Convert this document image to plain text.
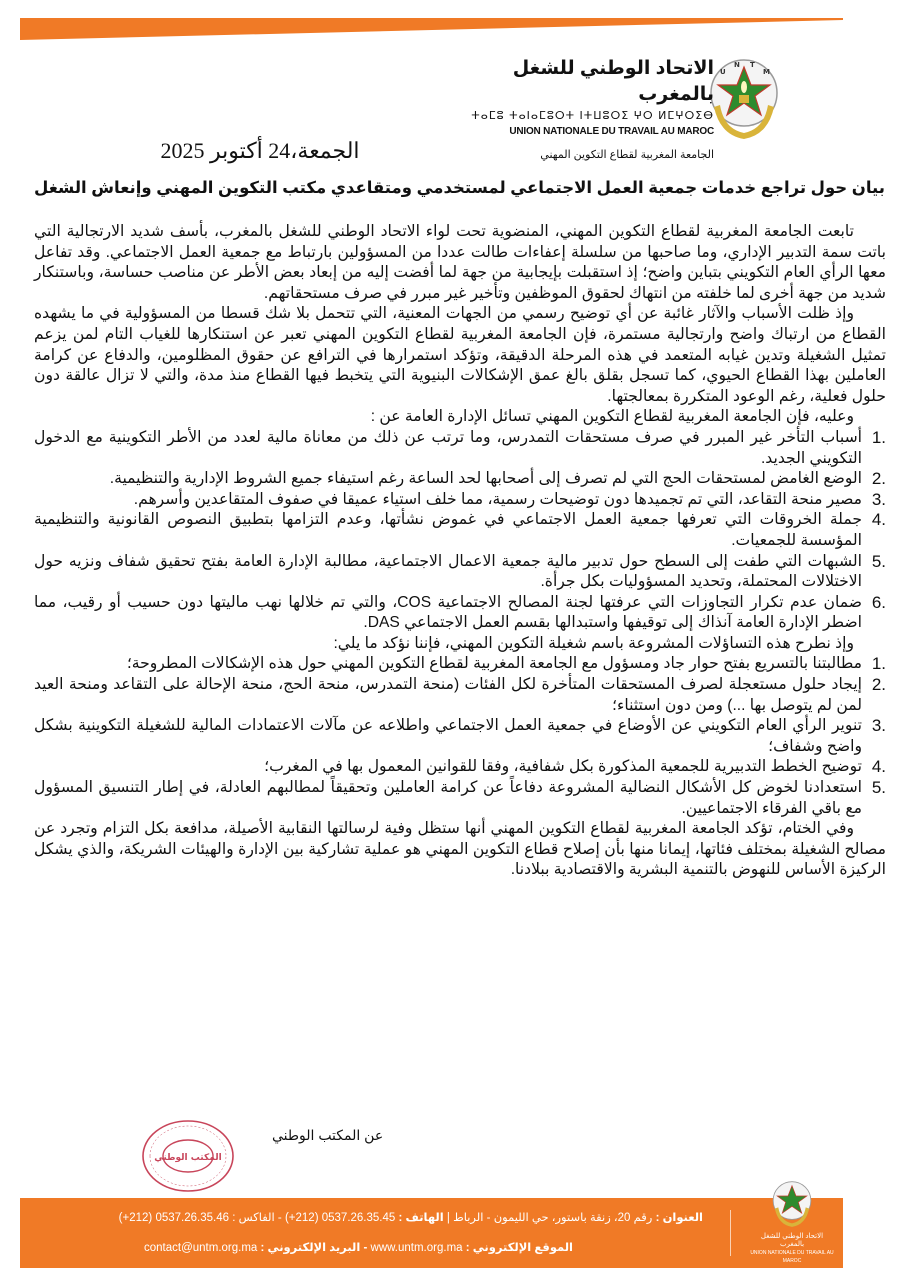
U
N T
M
الاتحاد الوطني للشغل بالمغرب
ⵜⴰⵎⵓ ⵜⴰⵏⴰⵎⵓⵔⵜ ⵏⵜⵡⵓⵔⵉ ⵖⵔ ⵍⵎⵖⵔⵉⴱ
UNION NATIONALE DU TRAVAIL AU MAROC
الجامعة المغربية لقطاع التكوين المهني
الجمعة،24 أكتوبر 2025
بيان حول تراجع خدمات جمعية العمل الاجتماعي لمستخدمي ومتقاعدي مكتب التكوين المهني وإنعاش الشغل

تابعت الجامعة المغربية لقطاع التكوين المهني، المنضوية تحت لواء الاتحاد الوطني للشغل بالمغرب، بأسف شديد الارتجالية التي باتت سمة التدبير الإداري، وما صاحبها من سلسلة إعفاءات طالت عددا من المسؤولين بارتباط مع جمعية العمل الاجتماعي. وقد تفاعل معها الرأي العام التكويني بتباين واضح؛ إذ استقبلت بإيجابية من جهة لما أفضت إليه من إبعاد بعض الأطر عن مناصب حساسة، وباستنكار شديد من جهة أخرى لما خلفته من انتهاك لحقوق الموظفين وتأخير غير مبرر في صرف مستحقاتهم.

وإذ ظلت الأسباب والآثار غائبة عن أي توضيح رسمي من الجهات المعنية، التي تتحمل بلا شك قسطا من المسؤولية في ما يشهده القطاع من ارتباك واضح وارتجالية مستمرة، فإن الجامعة المغربية لقطاع التكوين المهني تعبر عن استنكارها للغياب التام لمن يزعم تمثيل الشغيلة وتدين غيابه المتعمد في هذه المرحلة الدقيقة، وتؤكد استمرارها في الترافع عن حقوق المظلومين، والدفاع عن كرامة العاملين بهذا القطاع الحيوي، كما تسجل بقلق بالغ عمق الإشكالات البنيوية التي يتخبط فيها القطاع منذ مدة، والتي لا تزال عالقة دون حلول فعلية، رغم الوعود المتكررة بمعالجتها.

وعليه، فإن الجامعة المغربية لقطاع التكوين المهني تسائل الإدارة العامة عن :

1.
أسباب التأخر غير المبرر في صرف مستحقات التمدرس، وما ترتب عن ذلك من معاناة مالية لعدد من الأطر التكوينية مع الدخول التكويني الجديد.
2.
الوضع الغامض لمستحقات الحج التي لم تصرف إلى أصحابها لحد الساعة رغم استيفاء جميع الشروط الإدارية والتنظيمية.
3.
مصير منحة التقاعد، التي تم تجميدها دون توضيحات رسمية، مما خلف استياء عميقا في صفوف المتقاعدين وأسرهم.
4.
جملة الخروقات التي تعرفها جمعية العمل الاجتماعي في غموض نشأتها، وعدم التزامها بتطبيق النصوص القانونية والتنظيمية المؤسسة للجمعيات.
5.
الشبهات التي طفت إلى السطح حول تدبير مالية جمعية الاعمال الاجتماعية، مطالبة الإدارة العامة بفتح تحقيق شفاف ونزيه حول الاختلالات المحتملة، وتحديد المسؤوليات بكل جرأة.
6.
ضمان عدم تكرار التجاوزات التي عرفتها لجنة المصالح الاجتماعية COS، والتي تم خلالها نهب ماليتها دون حسيب أو رقيب، مما اضطر الإدارة العامة آنذاك إلى توقيفها واستبدالها بقسم العمل الاجتماعي DAS.

وإذ نطرح هذه التساؤلات المشروعة باسم شغيلة التكوين المهني، فإننا نؤكد ما يلي:

1.
مطالبتنا بالتسريع بفتح حوار جاد ومسؤول مع الجامعة المغربية لقطاع التكوين المهني حول هذه الإشكالات المطروحة؛
2.
إيجاد حلول مستعجلة لصرف المستحقات المتأخرة لكل الفئات (منحة التمدرس، منحة الحج، منحة الإحالة على التقاعد ومنحة العيد لمن لم يتوصل بها ...) ومن دون استثناء؛
3.
تنوير الرأي العام التكويني عن الأوضاع في جمعية العمل الاجتماعي واطلاعه عن مآلات الاعتمادات المالية للشغيلة التكوينية بشكل واضح وشفاف؛
4.
توضيح الخطط التدبيرية للجمعية المذكورة بكل شفافية، وفقا للقوانين المعمول بها في المغرب؛
5.
استعدادنا لخوض كل الأشكال النضالية المشروعة دفاعاً عن كرامة العاملين وتحقيقاً لمطالبهم العادلة، في إطار التنسيق المسؤول مع باقي الفرقاء الاجتماعيين.

وفي الختام، تؤكد الجامعة المغربية لقطاع التكوين المهني أنها ستظل وفية لرسالتها النقابية الأصيلة، مدافعة بكل التزام وتجرد عن مصالح الشغيلة بمختلف فئاتها، إيمانا منها بأن إصلاح قطاع التكوين المهني هو عملية تشاركية بين الإدارة والهيئات الشريكة، والذي يشكل الركيزة الأساس للنهوض بالتنمية البشرية والاقتصادية ببلادنا.

عن المكتب الوطني
المكتب الوطني
الاتحاد الوطني للشغل بالمغرب
UNION NATIONALE DU TRAVAIL AU MAROC
العنوان : رقم 20، زنقة باستور، حي الليمون - الرباط | الهاتف : 0537.26.35.45 (212+) - الفاكس : 0537.26.35.46 (212+)
الموقع الإلكتروني : www.untm.org.ma - البريد الإلكتروني : contact@untm.org.ma
